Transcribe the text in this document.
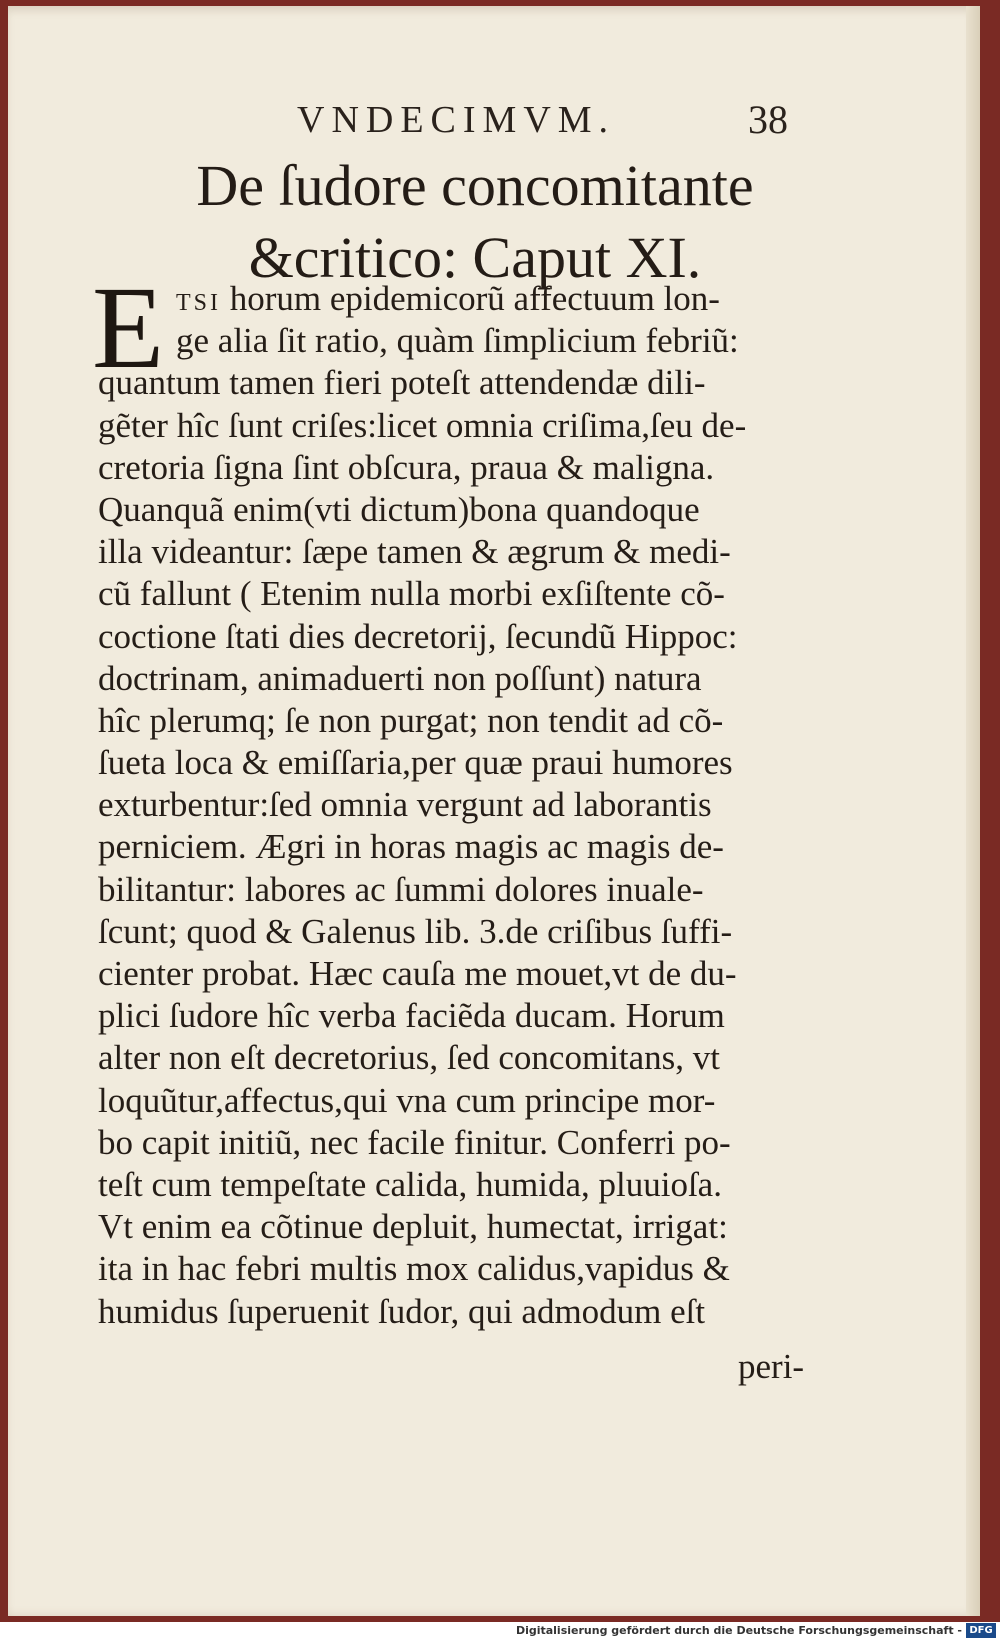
VNDECIMVM.	38
De ſudore concomitante
&critico: Caput XI.
E TSI horum epidemicorũ affectuum lon-
ge alia ſit ratio, quàm ſimplicium febriũ:
quantum tamen fieri poteſt attendendæ dili-
gẽter hîc ſunt criſes:licet omnia criſima,ſeu de-
cretoria ſigna ſint obſcura, praua & maligna.
Quanquã enim(vti dictum)bona quandoque
illa videantur: ſæpe tamen & ægrum & medi-
cũ fallunt ( Etenim nulla morbi exſiſtente cõ-
coctione ſtati dies decretorij, ſecundũ Hippoc:
doctrinam, animaduerti non poſſunt) natura
hîc plerumq; ſe non purgat; non tendit ad cõ-
ſueta loca & emiſſaria,per quæ praui humores
exturbentur:ſed omnia vergunt ad laborantis
perniciem. Ægri in horas magis ac magis de-
bilitantur: labores ac ſummi dolores inuale-
ſcunt; quod & Galenus lib. 3.de criſibus ſuffi-
cienter probat. Hæc cauſa me mouet,vt de du-
plici ſudore hîc verba faciẽda ducam. Horum
alter non eſt decretorius, ſed concomitans, vt
loquũtur,affectus,qui vna cum principe mor-
bo capit initiũ, nec facile finitur. Conferri po-
teſt cum tempeſtate calida, humida, pluuioſa.
Vt enim ea cõtinue depluit, humectat, irrigat:
ita in hac febri multis mox calidus,vapidus &
humidus ſuperuenit ſudor, qui admodum eſt
peri-
Digitalisierung gefördert durch die Deutsche Forschungsgemeinschaft - DFG
